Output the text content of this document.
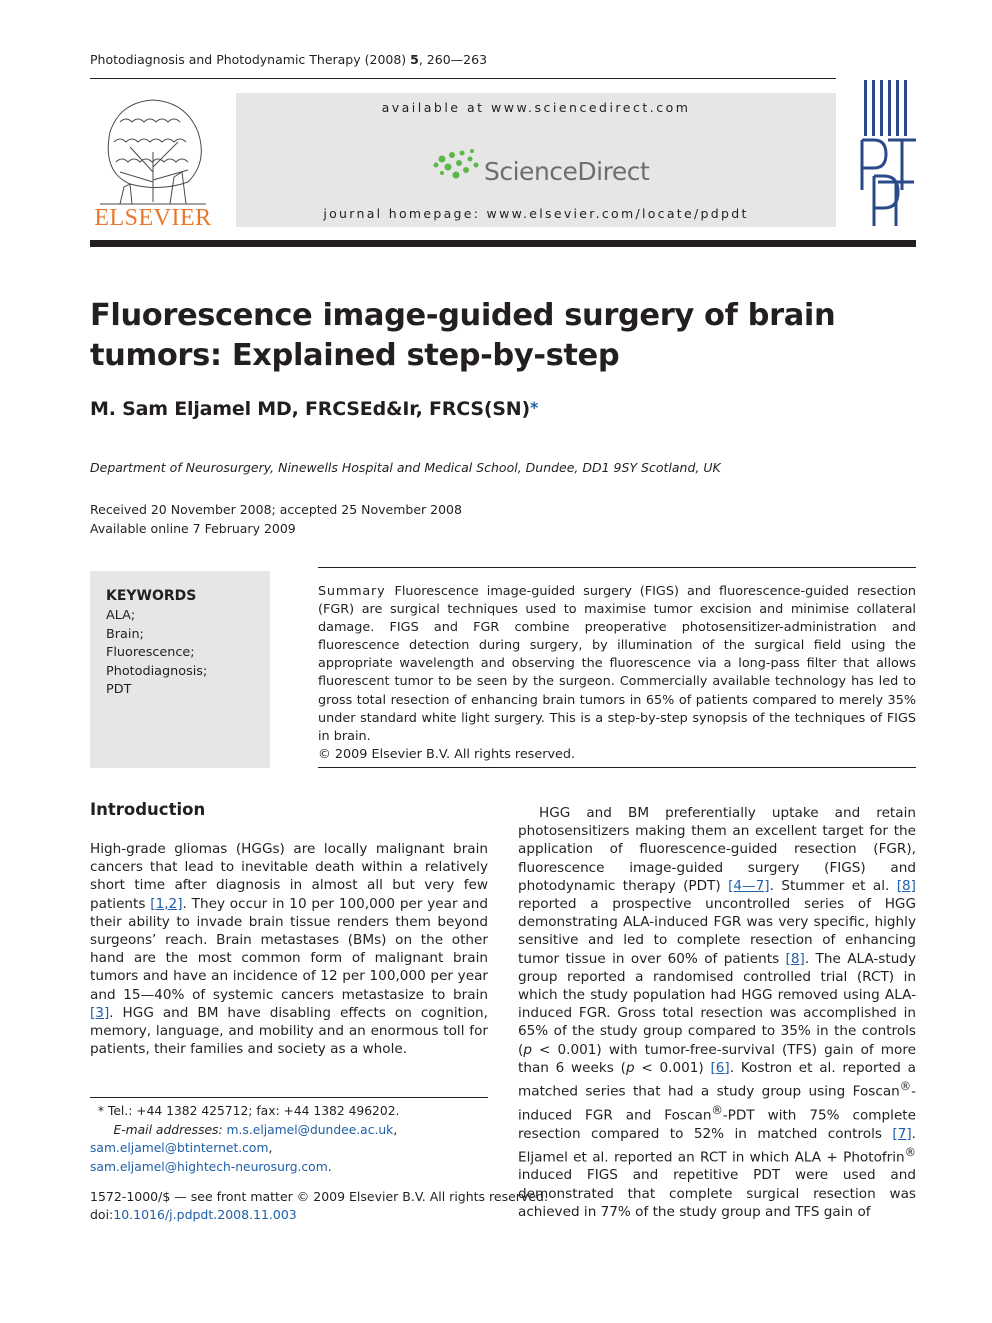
Photodiagnosis and Photodynamic Therapy (2008) 5, 260—263
ELSEVIER
available at www.sciencedirect.com
ScienceDirect
journal homepage: www.elsevier.com/locate/pdpdt
Fluorescence image-guided surgery of brain tumors: Explained step-by-step
M. Sam Eljamel MD, FRCSEd&Ir, FRCS(SN)*
Department of Neurosurgery, Ninewells Hospital and Medical School, Dundee, DD1 9SY Scotland, UK
Received 20 November 2008; accepted 25 November 2008
Available online 7 February 2009
KEYWORDS
ALA;
Brain;
Fluorescence;
Photodiagnosis;
PDT
Summary Fluorescence image-guided surgery (FIGS) and fluorescence-guided resection (FGR) are surgical techniques used to maximise tumor excision and minimise collateral damage. FIGS and FGR combine preoperative photosensitizer-administration and fluorescence detection during surgery, by illumination of the surgical field using the appropriate wavelength and observing the fluorescence via a long-pass filter that allows fluorescent tumor to be seen by the surgeon. Commercially available technology has led to gross total resection of enhancing brain tumors in 65% of patients compared to merely 35% under standard white light surgery. This is a step-by-step synopsis of the techniques of FIGS in brain.
© 2009 Elsevier B.V. All rights reserved.
Introduction

High-grade gliomas (HGGs) are locally malignant brain cancers that lead to inevitable death within a relatively short time after diagnosis in almost all but very few patients [1,2]. They occur in 10 per 100,000 per year and their ability to invade brain tissue renders them beyond surgeons’ reach. Brain metastases (BMs) on the other hand are the most common form of malignant brain tumors and have an incidence of 12 per 100,000 per year and 15—40% of systemic cancers metastasize to brain [3]. HGG and BM have disabling effects on cognition, memory, language, and mobility and an enormous toll for patients, their families and society as a whole.

HGG and BM preferentially uptake and retain photosensitizers making them an excellent target for the application of fluorescence-guided resection (FGR), fluorescence image-guided surgery (FIGS) and photodynamic therapy (PDT) [4—7]. Stummer et al. [8] reported a prospective uncontrolled series of HGG demonstrating ALA-induced FGR was very specific, highly sensitive and led to complete resection of enhancing tumor tissue in over 60% of patients [8]. The ALA-study group reported a randomised controlled trial (RCT) in which the study population had HGG removed using ALA-induced FGR. Gross total resection was accomplished in 65% of the study group compared to 35% in the controls (p < 0.001) with tumor-free-survival (TFS) gain of more than 6 weeks (p < 0.001) [6]. Kostron et al. reported a matched series that had a study group using Foscan®-induced FGR and Foscan®-PDT with 75% complete resection compared to 52% in matched controls [7]. Eljamel et al. reported an RCT in which ALA + Photofrin® induced FIGS and repetitive PDT were used and demonstrated that complete surgical resection was achieved in 77% of the study group and TFS gain of

* Tel.: +44 1382 425712; fax: +44 1382 496202.
E-mail addresses: m.s.eljamel@dundee.ac.uk,
sam.eljamel@btinternet.com,
sam.eljamel@hightech-neurosurg.com.
1572-1000/$ — see front matter © 2009 Elsevier B.V. All rights reserved.
doi:10.1016/j.pdpdt.2008.11.003
